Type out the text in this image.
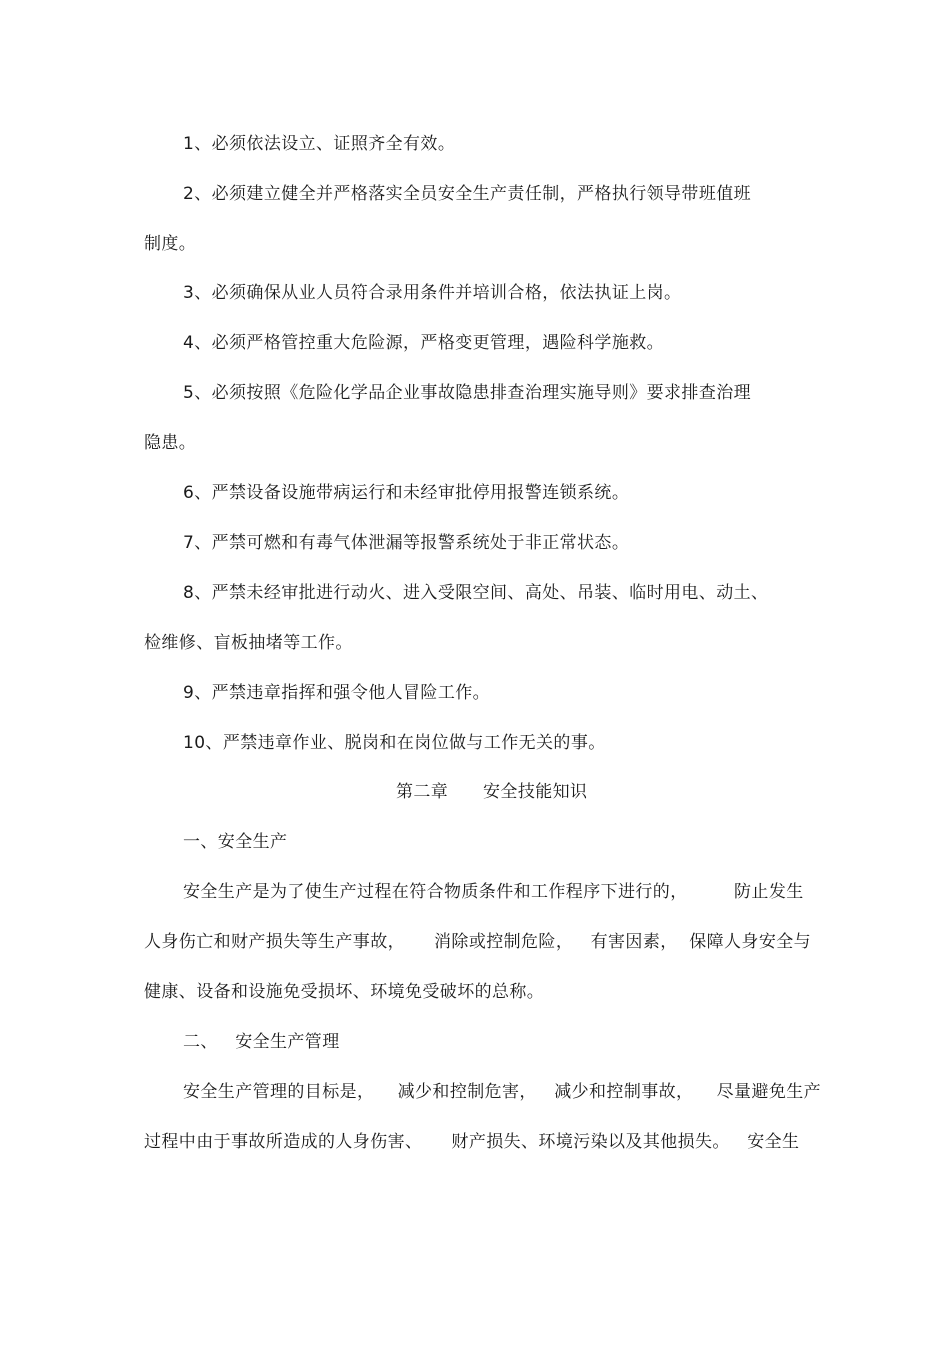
1、必须依法设立、证照齐全有效。
2、必须建立健全并严格落实全员安全生产责任制，严格执行领导带班值班
制度。
3、必须确保从业人员符合录用条件并培训合格，依法执证上岗。
4、必须严格管控重大危险源，严格变更管理，遇险科学施救。
5、必须按照《危险化学品企业事故隐患排查治理实施导则》要求排查治理
隐患。
6、严禁设备设施带病运行和未经审批停用报警连锁系统。
7、严禁可燃和有毒气体泄漏等报警系统处于非正常状态。
8、严禁未经审批进行动火、进入受限空间、高处、吊装、临时用电、动土、
检维修、盲板抽堵等工作。
9、严禁违章指挥和强令他人冒险工作。
10、严禁违章作业、脱岗和在岗位做与工作无关的事。
第二章      安全技能知识
一、安全生产
安全生产是为了使生产过程在符合物质条件和工作程序下进行的，        防止发生
人身伤亡和财产损失等生产事故，     消除或控制危险，   有害因素，  保障人身安全与
健康、设备和设施免受损坏、环境免受破坏的总称。
二、   安全生产管理
安全生产管理的目标是，    减少和控制危害，   减少和控制事故，    尽量避免生产
过程中由于事故所造成的人身伤害、     财产损失、环境污染以及其他损失。   安全生
